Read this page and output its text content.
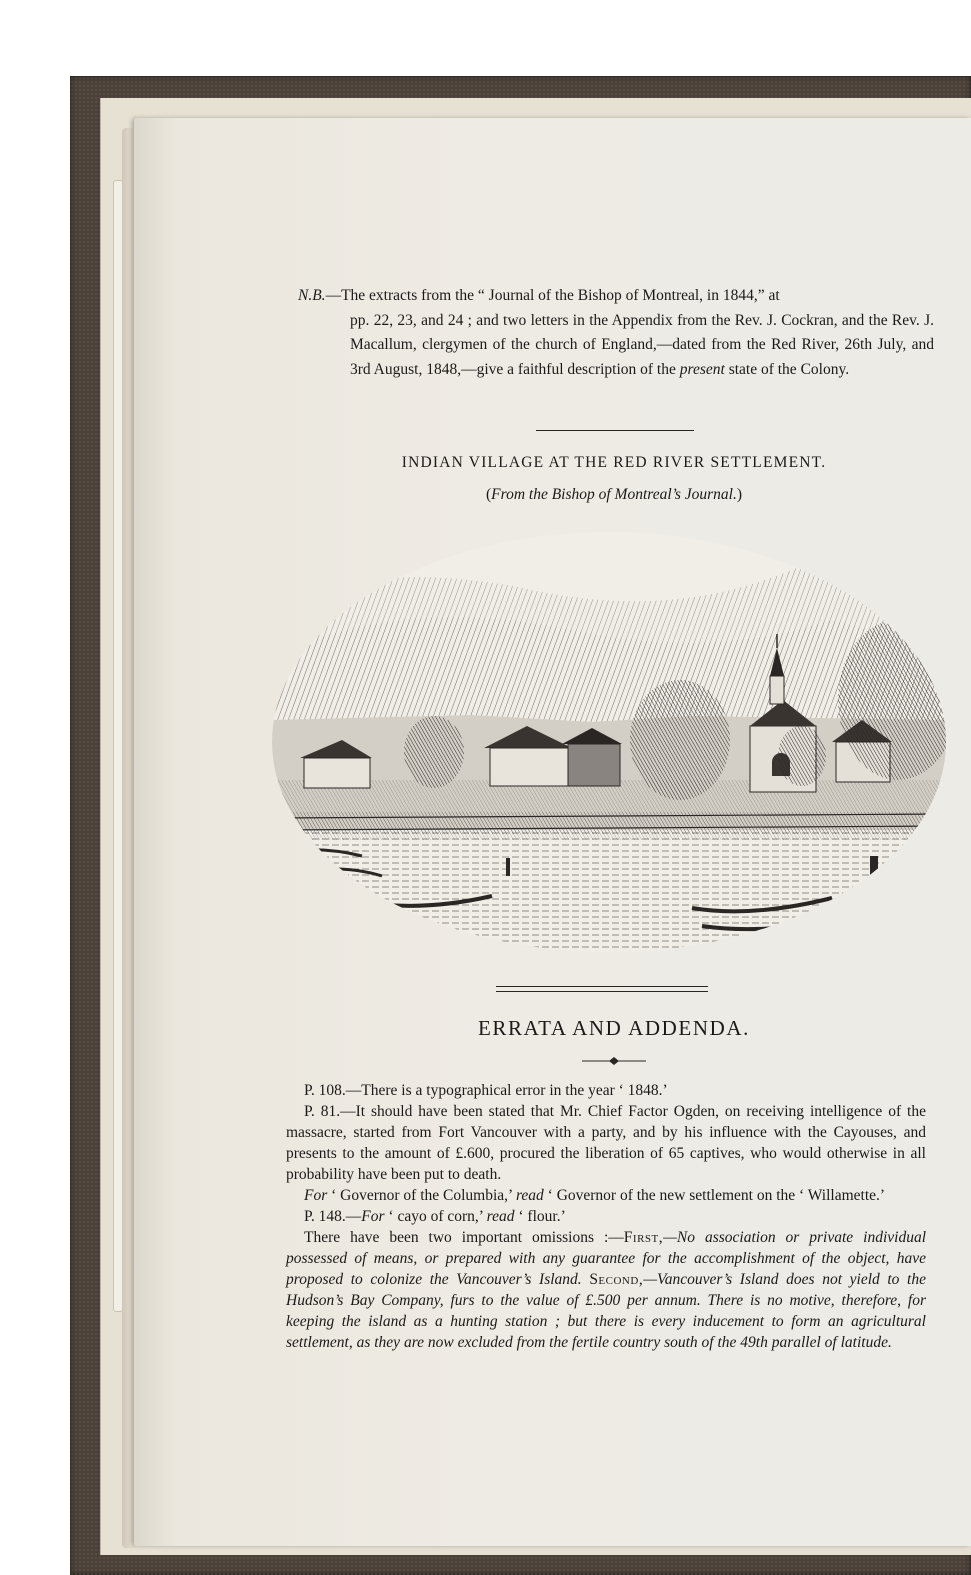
N.B.—The extracts from the “ Journal of the Bishop of Montreal, in 1844,” at

pp. 22, 23, and 24 ; and two letters in the Appendix from the Rev. J. Cockran, and the Rev. J. Macallum, clergymen of the church of England,—dated from the Red River, 26th July, and 3rd August, 1848,—give a faithful description of the present state of the Colony.

INDIAN VILLAGE AT THE RED RIVER SETTLEMENT.
(From the Bishop of Montreal’s Journal.)
ERRATA AND ADDENDA.

P. 108.—There is a typographical error in the year ‘ 1848.’

P. 81.—It should have been stated that Mr. Chief Factor Ogden, on receiving intelligence of the massacre, started from Fort Vancouver with a party, and by his influence with the Cayouses, and presents to the amount of £.600, procured the liberation of 65 captives, who would otherwise in all probability have been put to death.

For ‘ Governor of the Columbia,’ read ‘ Governor of the new settlement on the ‘ Willamette.’

P. 148.—For ‘ cayo of corn,’ read ‘ flour.’

There have been two important omissions :—First,—No association or private individual possessed of means, or prepared with any guarantee for the accomplishment of the object, have proposed to colonize the Vancouver’s Island. Second,—Vancouver’s Island does not yield to the Hudson’s Bay Company, furs to the value of £.500 per annum. There is no motive, therefore, for keeping the island as a hunting station ; but there is every inducement to form an agricultural settlement, as they are now excluded from the fertile country south of the 49th parallel of latitude.
